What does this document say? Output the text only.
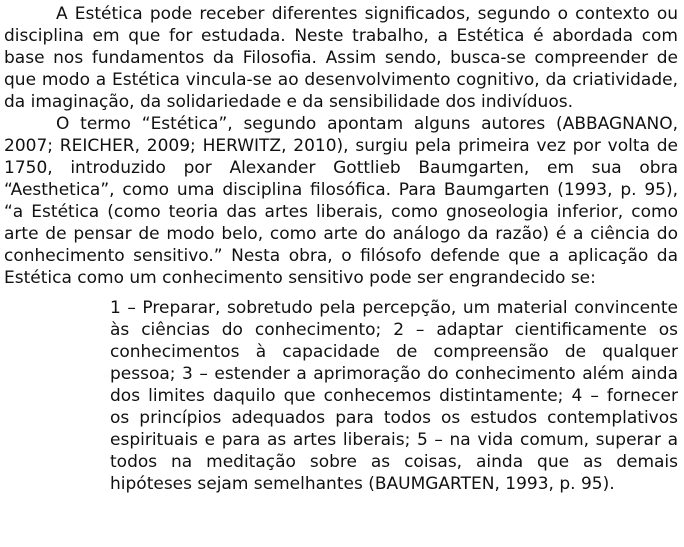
A Estética pode receber diferentes significados, segundo o contexto ou disciplina em que for estudada. Neste trabalho, a Estética é abordada com base nos fundamentos da Filosofia. Assim sendo, busca-se compreender de que modo a Estética vincula-se ao desenvolvimento cognitivo, da criatividade, da imaginação, da solidariedade e da sensibilidade dos indivíduos.

O termo “Estética”, segundo apontam alguns autores (ABBAGNANO, 2007; REICHER, 2009; HERWITZ, 2010), surgiu pela primeira vez por volta de 1750, introduzido por Alexander Gottlieb Baumgarten, em sua obra “Aesthetica”, como uma disciplina filosófica. Para Baumgarten (1993, p. 95), “a Estética (como teoria das artes liberais, como gnoseologia inferior, como arte de pensar de modo belo, como arte do análogo da razão) é a ciência do conhecimento sensitivo.” Nesta obra, o filósofo defende que a aplicação da Estética como um conhecimento sensitivo pode ser engrandecido se:

1 – Preparar, sobretudo pela percepção, um material convincente às ciências do conhecimento; 2 – adaptar cientificamente os conhecimentos à capacidade de compreensão de qualquer pessoa; 3 – estender a aprimoração do conhecimento além ainda dos limites daquilo que conhecemos distintamente; 4 – fornecer os princípios adequados para todos os estudos contemplativos espirituais e para as artes liberais; 5 – na vida comum, superar a todos na meditação sobre as coisas, ainda que as demais hipóteses sejam semelhantes (BAUMGARTEN, 1993, p. 95).
